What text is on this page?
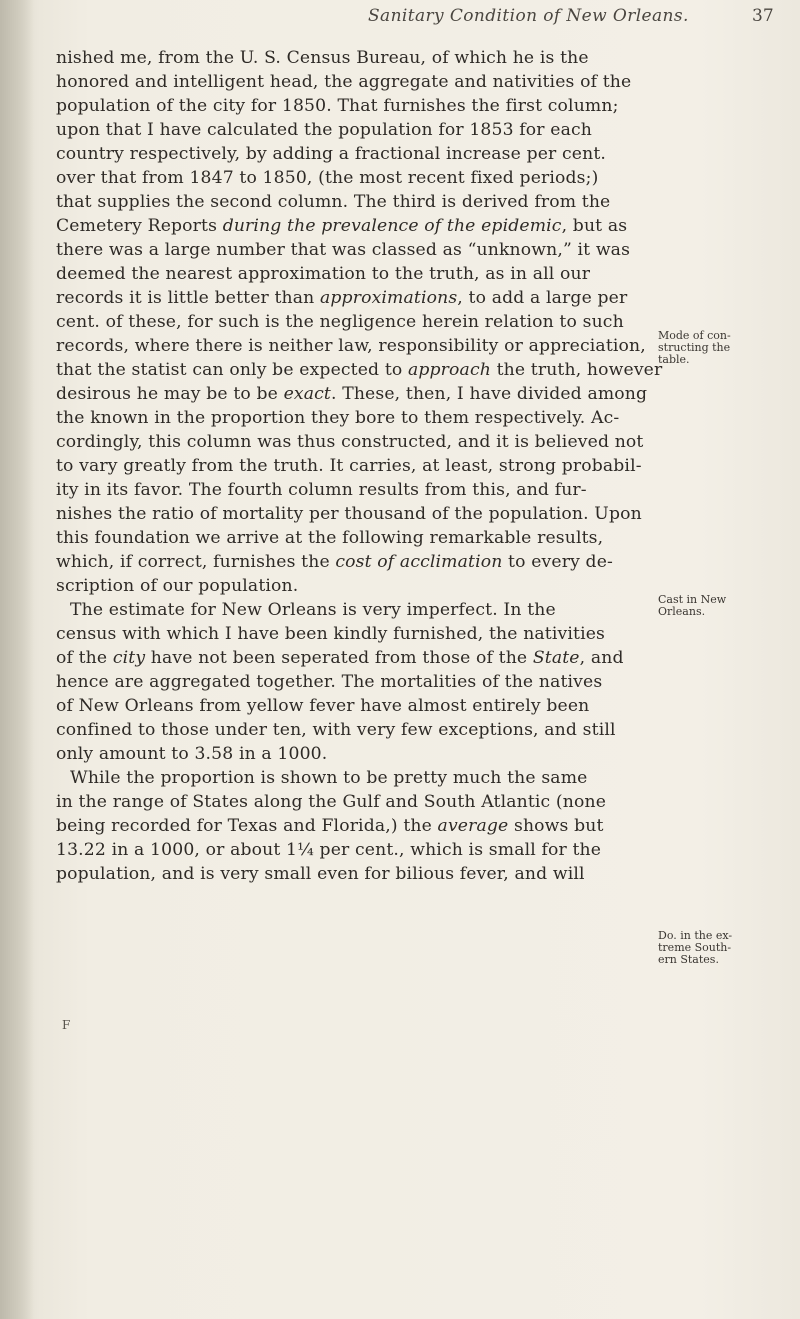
Sanitary Condition of New Orleans.	37
nished me, from the U. S. Census Bureau, of which he is the
honored and intelligent head, the aggregate and nativities of the
population of the city for 1850. That furnishes the first column;
upon that I have calculated the population for 1853 for each
country respectively, by adding a fractional increase per cent.
over that from 1847 to 1850, (the most recent fixed periods;)
that supplies the second column. The third is derived from the
Cemetery Reports during the prevalence of the epidemic, but as
there was a large number that was classed as “unknown,” it was
deemed the nearest approximation to the truth, as in all our
records it is little better than approximations, to add a large per
cent. of these, for such is the negligence herein relation to such
records, where there is neither law, responsibility or appreciation,
that the statist can only be expected to approach the truth, however
desirous he may be to be exact. These, then, I have divided among
the known in the proportion they bore to them respectively. Ac-
cordingly, this column was thus constructed, and it is believed not
to vary greatly from the truth. It carries, at least, strong probabil-
ity in its favor. The fourth column results from this, and fur-
nishes the ratio of mortality per thousand of the population. Upon
this foundation we arrive at the following remarkable results,
which, if correct, furnishes the cost of acclimation to every de-
scription of our population.
The estimate for New Orleans is very imperfect. In the
census with which I have been kindly furnished, the nativities
of the city have not been seperated from those of the State, and
hence are aggregated together. The mortalities of the natives
of New Orleans from yellow fever have almost entirely been
confined to those under ten, with very few exceptions, and still
only amount to 3.58 in a 1000.
While the proportion is shown to be pretty much the same
in the range of States along the Gulf and South Atlantic (none
being recorded for Texas and Florida,) the average shows but
13.22 in a 1000, or about 1¼ per cent., which is small for the
population, and is very small even for bilious fever, and will
Mode of con-
structing the
table.
Cast in New
Orleans.
Do. in the ex-
treme South-
ern States.
F
